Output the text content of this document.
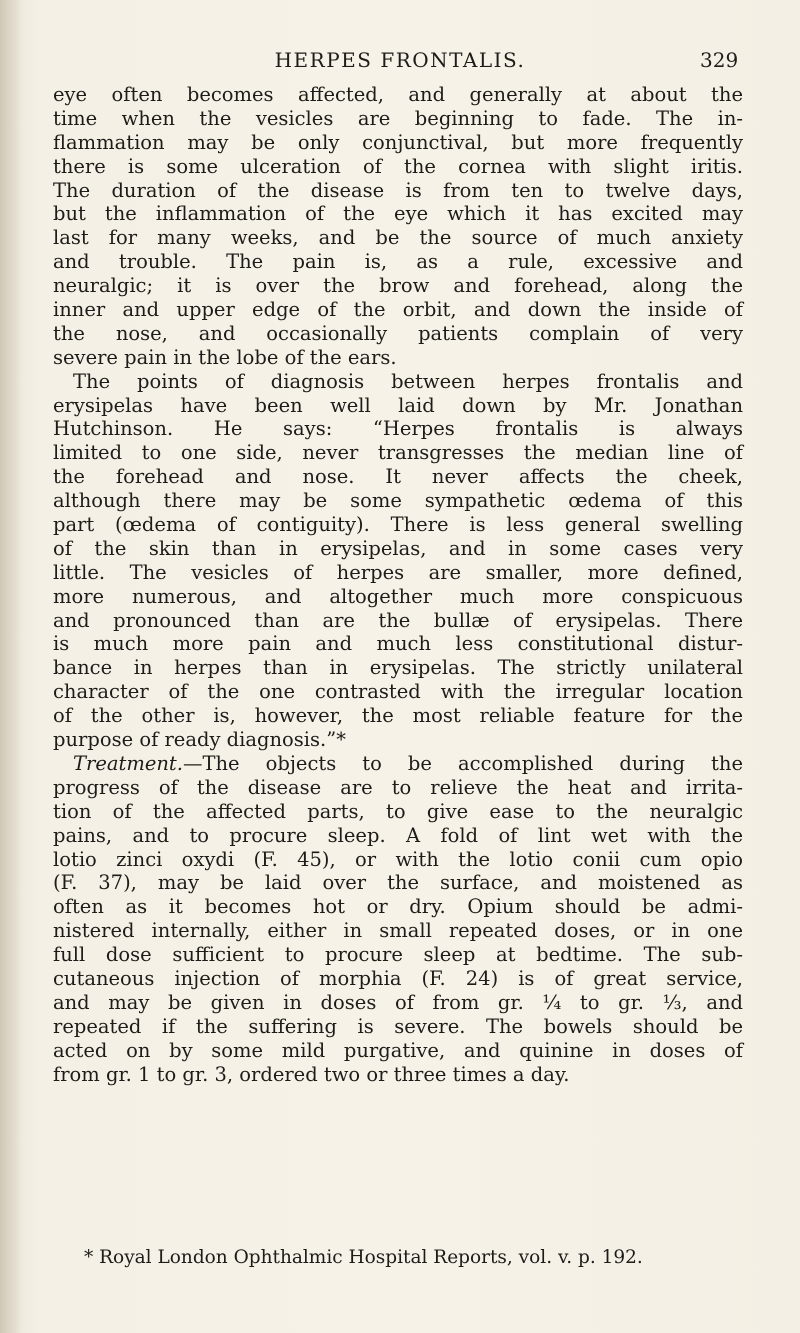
HERPES FRONTALIS.	329
eye often becomes affected, and generally at about the
time when the vesicles are beginning to fade. The in-
flammation may be only conjunctival, but more frequently
there is some ulceration of the cornea with slight iritis.
The duration of the disease is from ten to twelve days,
but the inflammation of the eye which it has excited may
last for many weeks, and be the source of much anxiety
and trouble. The pain is, as a rule, excessive and
neuralgic; it is over the brow and forehead, along the
inner and upper edge of the orbit, and down the inside of
the nose, and occasionally patients complain of very
severe pain in the lobe of the ears.
The points of diagnosis between herpes frontalis and
erysipelas have been well laid down by Mr. Jonathan
Hutchinson. He says: “Herpes frontalis is always
limited to one side, never transgresses the median line of
the forehead and nose. It never affects the cheek,
although there may be some sympathetic œdema of this
part (œdema of contiguity). There is less general swelling
of the skin than in erysipelas, and in some cases very
little. The vesicles of herpes are smaller, more defined,
more numerous, and altogether much more conspicuous
and pronounced than are the bullæ of erysipelas. There
is much more pain and much less constitutional distur-
bance in herpes than in erysipelas. The strictly unilateral
character of the one contrasted with the irregular location
of the other is, however, the most reliable feature for the
purpose of ready diagnosis.”*
Treatment.—The objects to be accomplished during the
progress of the disease are to relieve the heat and irrita-
tion of the affected parts, to give ease to the neuralgic
pains, and to procure sleep. A fold of lint wet with the
lotio zinci oxydi (F. 45), or with the lotio conii cum opio
(F. 37), may be laid over the surface, and moistened as
often as it becomes hot or dry. Opium should be admi-
nistered internally, either in small repeated doses, or in one
full dose sufficient to procure sleep at bedtime. The sub-
cutaneous injection of morphia (F. 24) is of great service,
and may be given in doses of from gr. ¼ to gr. ⅓, and
repeated if the suffering is severe. The bowels should be
acted on by some mild purgative, and quinine in doses of
from gr. 1 to gr. 3, ordered two or three times a day.
* Royal London Ophthalmic Hospital Reports, vol. v. p. 192.
